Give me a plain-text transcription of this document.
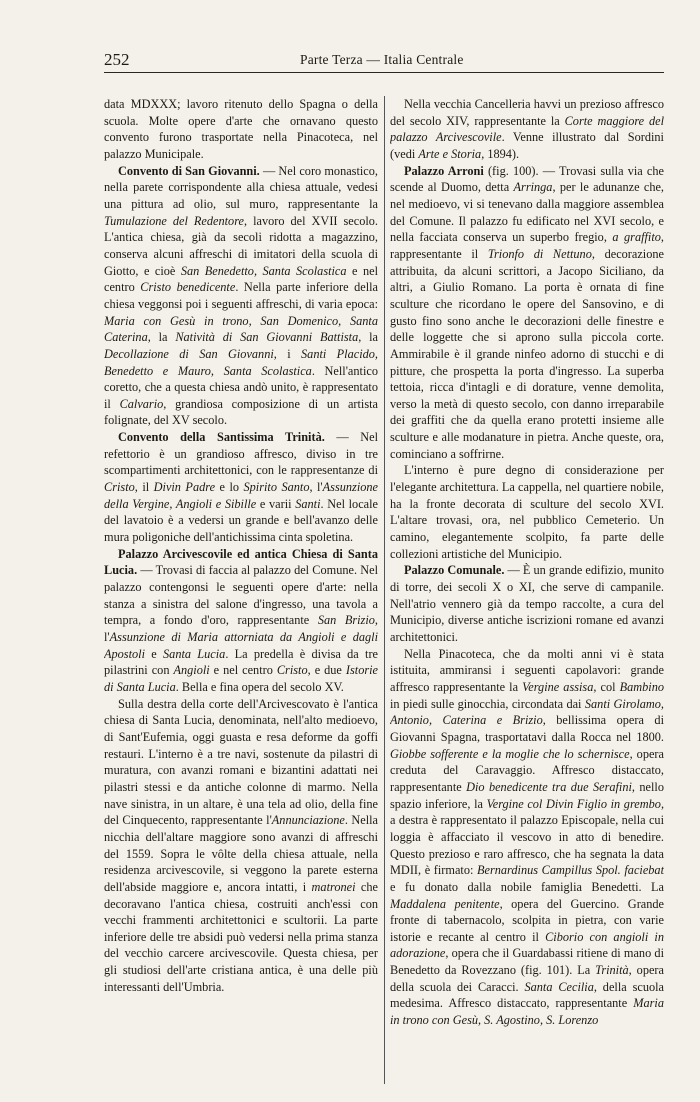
252	Parte Terza — Italia Centrale

data MDXXX; lavoro ritenuto dello Spagna o della scuola. Molte opere d'arte che ornavano questo convento furono trasportate nella Pinacoteca, nel palazzo Municipale.

Convento di San Giovanni. — Nel coro monastico, nella parete corrispondente alla chiesa attuale, vedesi una pittura ad olio, sul muro, rappresentante la Tumulazione del Redentore, lavoro del XVII secolo. L'antica chiesa, già da secoli ridotta a magazzino, conserva alcuni affreschi di imitatori della scuola di Giotto, e cioè San Benedetto, Santa Scolastica e nel centro Cristo benedicente. Nella parte inferiore della chiesa veggonsi poi i seguenti affreschi, di varia epoca: Maria con Gesù in trono, San Domenico, Santa Caterina, la Natività di San Giovanni Battista, la Decollazione di San Giovanni, i Santi Placido, Benedetto e Mauro, Santa Scolastica. Nell'antico coretto, che a questa chiesa andò unito, è rappresentato il Calvario, grandiosa composizione di un artista folignate, del XV secolo.

Convento della Santissima Trinità. — Nel refettorio è un grandioso affresco, diviso in tre scompartimenti architettonici, con le rappresentanze di Cristo, il Divin Padre e lo Spirito Santo, l'Assunzione della Vergine, Angioli e Sibille e varii Santi. Nel locale del lavatoio è a vedersi un grande e bell'avanzo delle mura poligoniche dell'antichissima cinta spoletina.

Palazzo Arcivescovile ed antica Chiesa di Santa Lucia. — Trovasi di faccia al palazzo del Comune. Nel palazzo contengonsi le seguenti opere d'arte: nella stanza a sinistra del salone d'ingresso, una tavola a tempra, a fondo d'oro, rappresentante San Brizio, l'Assunzione di Maria attorniata da Angioli e dagli Apostoli e Santa Lucia. La predella è divisa da tre pilastrini con Angioli e nel centro Cristo, e due Istorie di Santa Lucia. Bella e fina opera del secolo XV.

Sulla destra della corte dell'Arcivescovato è l'antica chiesa di Santa Lucia, denominata, nell'alto medioevo, di Sant'Eufemia, oggi guasta e resa deforme da goffi restauri. L'interno è a tre navi, sostenute da pilastri di muratura, con avanzi romani e bizantini adattati nei pilastri stessi e da antiche colonne di marmo. Nella nave sinistra, in un altare, è una tela ad olio, della fine del Cinquecento, rappresentante l'Annunciazione. Nella nicchia dell'altare maggiore sono avanzi di affreschi del 1559. Sopra le vôlte della chiesa attuale, nella residenza arcivescovile, si veggono la parete esterna dell'abside maggiore e, ancora intatti, i matronei che decoravano l'antica chiesa, costruiti anch'essi con vecchi frammenti architettonici e scultorii. La parte inferiore delle tre absidi può vedersi nella prima stanza del vecchio carcere arcivescovile. Questa chiesa, per gli studiosi dell'arte cristiana antica, è una delle più interessanti dell'Umbria.

Nella vecchia Cancelleria havvi un prezioso affresco del secolo XIV, rappresentante la Corte maggiore del palazzo Arcivescovile. Venne illustrato dal Sordini (vedi Arte e Storia, 1894).

Palazzo Arroni (fig. 100). — Trovasi sulla via che scende al Duomo, detta Arringa, per le adunanze che, nel medioevo, vi si tenevano dalla maggiore assemblea del Comune. Il palazzo fu edificato nel XVI secolo, e nella facciata conserva un superbo fregio, a graffito, rappresentante il Trionfo di Nettuno, decorazione attribuita, da alcuni scrittori, a Jacopo Siciliano, da altri, a Giulio Romano. La porta è ornata di fine sculture che ricordano le opere del Sansovino, e di gusto fino sono anche le decorazioni delle finestre e delle loggette che si aprono sulla piccola corte. Ammirabile è il grande ninfeo adorno di stucchi e di pitture, che prospetta la porta d'ingresso. La superba tettoia, ricca d'intagli e di dorature, venne demolita, verso la metà di questo secolo, con danno irreparabile dei graffiti che da quella erano protetti insieme alle sculture e alle modanature in pietra. Anche queste, ora, cominciano a soffrirne.

L'interno è pure degno di considerazione per l'elegante architettura. La cappella, nel quartiere nobile, ha la fronte decorata di sculture del secolo XVI. L'altare trovasi, ora, nel pubblico Cemeterio. Un camino, elegantemente scolpito, fa parte delle collezioni artistiche del Municipio.

Palazzo Comunale. — È un grande edifizio, munito di torre, dei secoli X o XI, che serve di campanile. Nell'atrio vennero già da tempo raccolte, a cura del Municipio, diverse antiche iscrizioni romane ed avanzi architettonici.

Nella Pinacoteca, che da molti anni vi è stata istituita, ammiransi i seguenti capolavori: grande affresco rappresentante la Vergine assisa, col Bambino in piedi sulle ginocchia, circondata dai Santi Girolamo, Antonio, Caterina e Brizio, bellissima opera di Giovanni Spagna, trasportatavi dalla Rocca nel 1800. Giobbe sofferente e la moglie che lo schernisce, opera creduta del Caravaggio. Affresco distaccato, rappresentante Dio benedicente tra due Serafini, nello spazio inferiore, la Vergine col Divin Figlio in grembo, a destra è rappresentato il palazzo Episcopale, nella cui loggia è affacciato il vescovo in atto di benedire. Questo prezioso e raro affresco, che ha segnata la data MDII, è firmato: Bernardinus Campillus Spol. faciebat e fu donato dalla nobile famiglia Benedetti. La Maddalena penitente, opera del Guercino. Grande fronte di tabernacolo, scolpita in pietra, con varie istorie e recante al centro il Ciborio con angioli in adorazione, opera che il Guardabassi ritiene di mano di Benedetto da Rovezzano (fig. 101). La Trinità, opera della scuola dei Caracci. Santa Cecilia, della scuola medesima. Affresco distaccato, rappresentante Maria in trono con Gesù, S. Agostino, S. Lorenzo
